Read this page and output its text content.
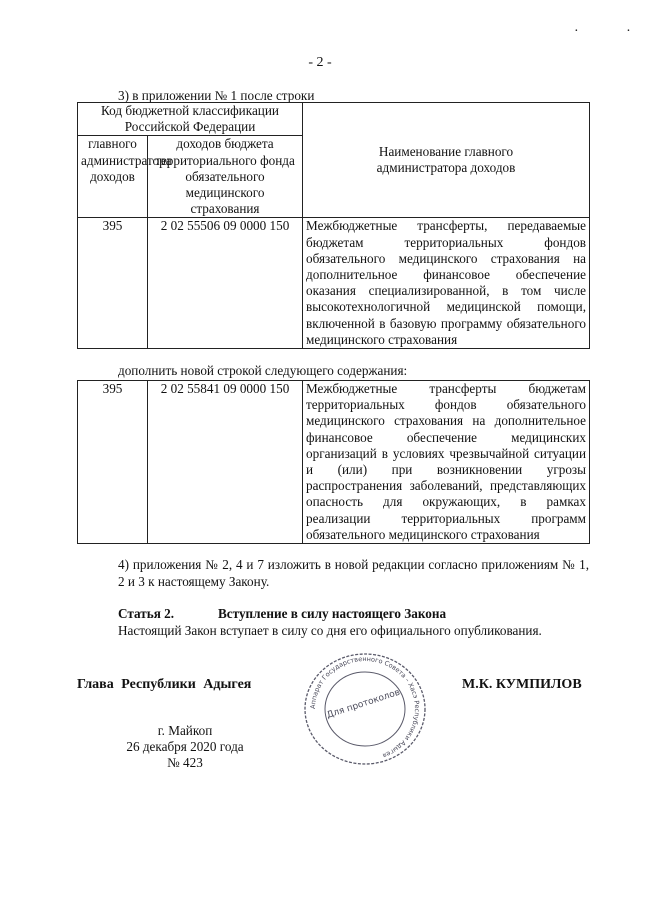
· ·
- 2 -
3) в приложении № 1 после строки
Код бюджетной классификации Российской Федерации		Наименование главного администратора доходов
главного администратора доходов	доходов бюджета территориального фонда обязательного медицинского страхования	
395	2 02 55506 09 0000 150	Межбюджетные трансферты, передаваемые бюджетам территориальных фондов обязательного медицинского страхования на дополнительное финансовое обеспечение оказания специализированной, в том числе высокотехнологичной медицинской помощи, включенной в базовую программу обязательного медицинского страхования
дополнить новой строкой следующего содержания:
395	2 02 55841 09 0000 150	Межбюджетные трансферты бюджетам территориальных фондов обязательного медицинского страхования на дополнительное финансовое обеспечение медицинских организаций в условиях чрезвычайной ситуации и (или) при возникновении угрозы распространения заболеваний, представляющих опасность для окружающих, в рамках реализации территориальных программ обязательного медицинского страхования
4) приложения № 2, 4 и 7 изложить в новой редакции согласно приложениям № 1, 2 и 3 к настоящему Закону.
Статья 2.	Вступление в силу настоящего Закона
Настоящий Закон вступает в силу со дня его официального опубликования.
Глава Республики Адыгея	М.К. КУМПИЛОВ
Аппарат Государственного Совета – Хасэ Республики Адыгея
Для протоколов
г. Майкоп
26 декабря 2020 года
№ 423
